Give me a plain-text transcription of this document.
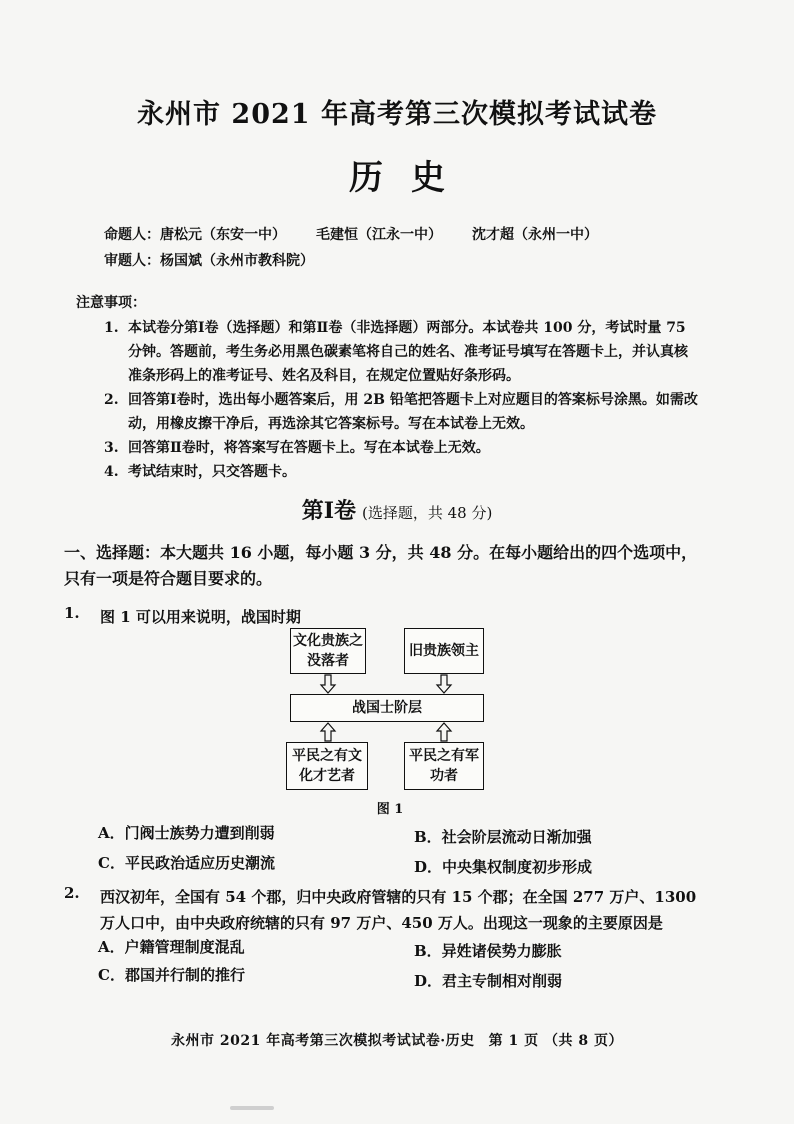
永州市 2021 年高考第三次模拟考试试卷
历史
命题人：唐松元（东安一中） 毛建恒（江永一中） 沈才超（永州一中）
审题人：杨国斌（永州市教科院）
注意事项：
1. 本试卷分第Ⅰ卷（选择题）和第Ⅱ卷（非选择题）两部分。本试卷共 100 分，考试时量 75 分钟。答题前，考生务必用黑色碳素笔将自己的姓名、准考证号填写在答题卡上，并认真核准条形码上的准考证号、姓名及科目，在规定位置贴好条形码。
2. 回答第Ⅰ卷时，选出每小题答案后，用 2B 铅笔把答题卡上对应题目的答案标号涂黑。如需改动，用橡皮擦干净后，再选涂其它答案标号。写在本试卷上无效。
3. 回答第Ⅱ卷时，将答案写在答题卡上。写在本试卷上无效。
4. 考试结束时，只交答题卡。
第Ⅰ卷 (选择题，共 48 分)
一、选择题：本大题共 16 小题，每小题 3 分，共 48 分。在每小题给出的四个选项中，只有一项是符合题目要求的。
1. 图 1 可以用来说明，战国时期
文化贵族之没落者
旧贵族领主
战国士阶层
平民之有文化才艺者
平民之有军功者
图 1
A．门阀士族势力遭到削弱	B．社会阶层流动日渐加强
C．平民政治适应历史潮流	D．中央集权制度初步形成
2. 西汉初年，全国有 54 个郡，归中央政府管辖的只有 15 个郡；在全国 277 万户、1300 万人口中，由中央政府统辖的只有 97 万户、450 万人。出现这一现象的主要原因是
A．户籍管理制度混乱	B．异姓诸侯势力膨胀
C．郡国并行制的推行	D．君主专制相对削弱
永州市 2021 年高考第三次模拟考试试卷·历史 第 1 页 （共 8 页）
